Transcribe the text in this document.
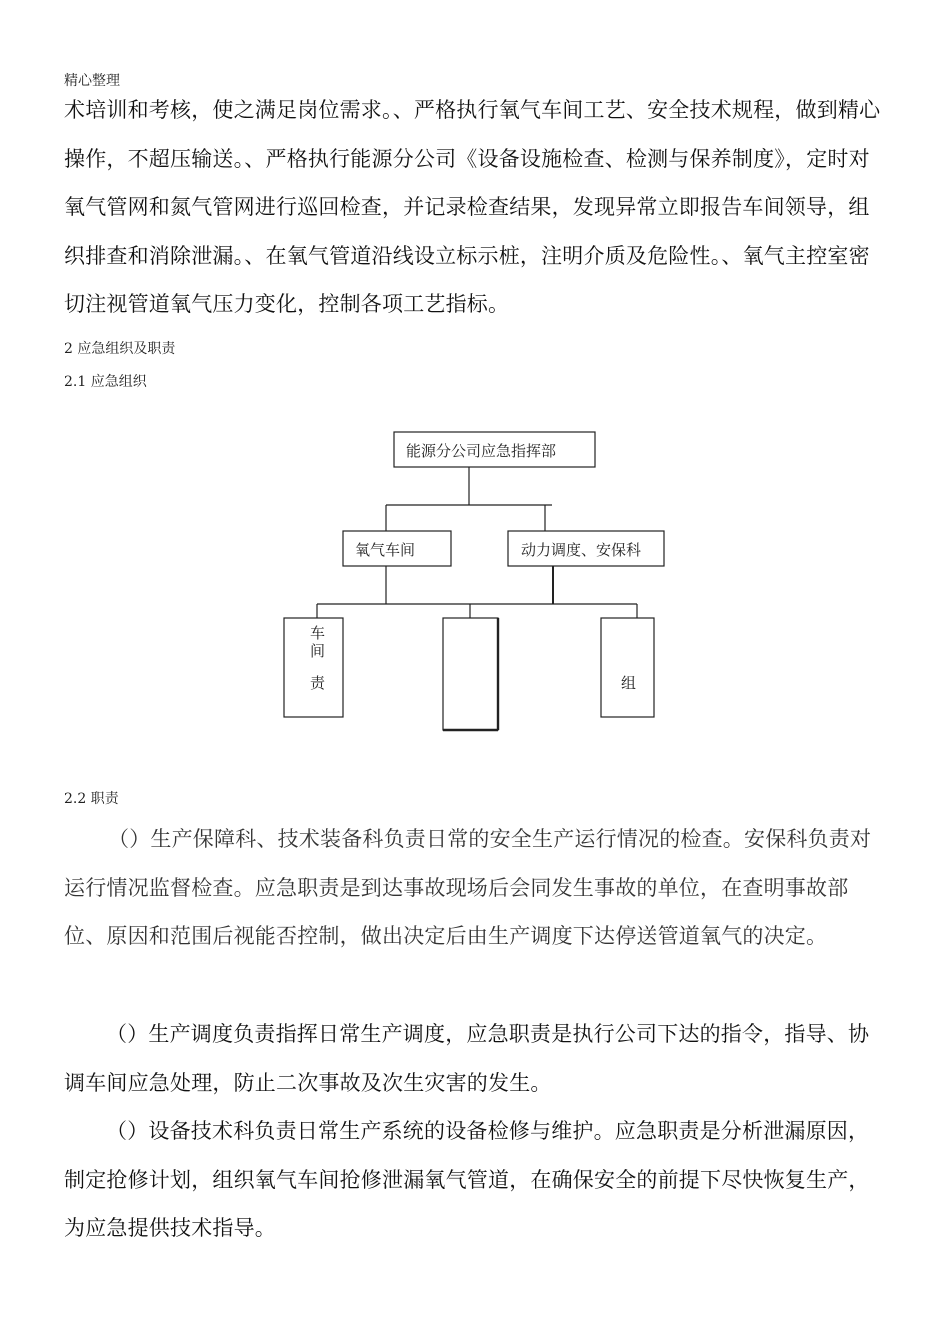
精心整理

术培训和考核，使之满足岗位需求。、严格执行氧气车间工艺、安全技术规程，做到精心操作，不超压输送。、严格执行能源分公司《设备设施检查、检测与保养制度》，定时对氧气管网和氮气管网进行巡回检查，并记录检查结果，发现异常立即报告车间领导，组织排查和消除泄漏。、在氧气管道沿线设立标示桩，注明介质及危险性。、氧气主控室密切注视管道氧气压力变化，控制各项工艺指标。

2 应急组织及职责
2.1 应急组织
能源分公司应急指挥部
氧气车间	动力调度、安保科
车
间
责	组
2.2 职责

（）生产保障科、技术装备科负责日常的安全生产运行情况的检查。安保科负责对运行情况监督检查。应急职责是到达事故现场后会同发生事故的单位，在查明事故部位、原因和范围后视能否控制，做出决定后由生产调度下达停送管道氧气的决定。

（）生产调度负责指挥日常生产调度，应急职责是执行公司下达的指令，指导、协调车间应急处理，防止二次事故及次生灾害的发生。

（）设备技术科负责日常生产系统的设备检修与维护。应急职责是分析泄漏原因，制定抢修计划，组织氧气车间抢修泄漏氧气管道，在确保安全的前提下尽快恢复生产，为应急提供技术指导。
